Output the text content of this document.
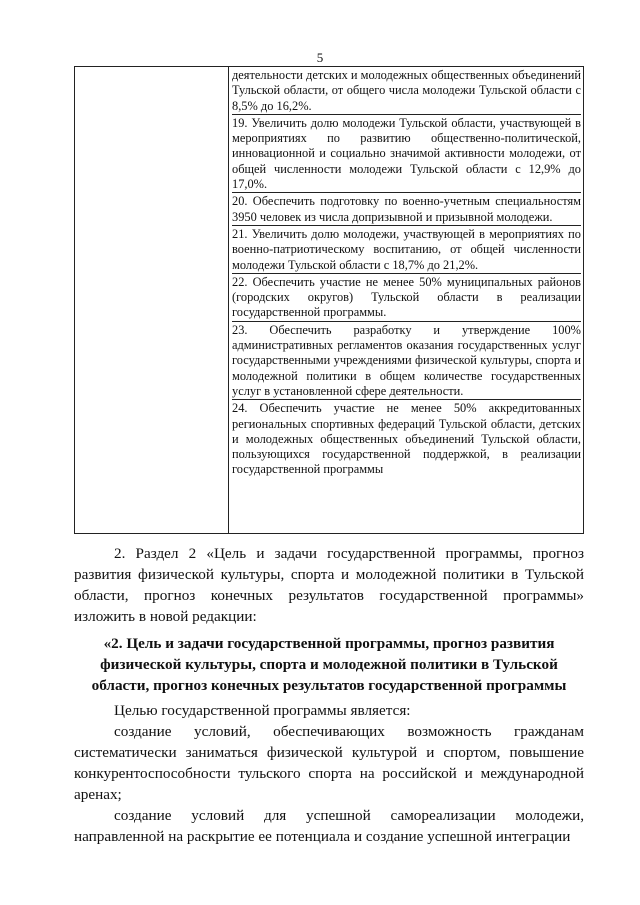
5

деятельности детских и молодежных общественных объединений Тульской области, от общего числа молодежи Тульской области с 8,5% до 16,2%.

19. Увеличить долю молодежи Тульской области, участвующей в мероприятиях по развитию общественно-политической, инновационной и социально значимой активности молодежи, от общей численности молодежи Тульской области с 12,9% до 17,0%.

20. Обеспечить подготовку по военно-учетным специальностям 3950 человек из числа допризывной и призывной молодежи.

21. Увеличить долю молодежи, участвующей в мероприятиях по военно-патриотическому воспитанию, от общей численности молодежи Тульской области с 18,7% до 21,2%.

22. Обеспечить участие не менее 50% муниципальных районов (городских округов) Тульской области в реализации государственной программы.

23. Обеспечить разработку и утверждение 100% административных регламентов оказания государственных услуг государственными учреждениями физической культуры, спорта и молодежной политики в общем количестве государственных услуг в установленной сфере деятельности.

24. Обеспечить участие не менее 50% аккредитованных региональных спортивных федераций Тульской области, детских и молодежных общественных объединений Тульской области, пользующихся государственной поддержкой, в реализации государственной программы

2. Раздел 2 «Цель и задачи государственной программы, прогноз развития физической культуры, спорта и молодежной политики в Тульской области, прогноз конечных результатов государственной программы» изложить в новой редакции:

«2. Цель и задачи государственной программы, прогноз развития физической культуры, спорта и молодежной политики в Тульской области, прогноз конечных результатов государственной программы

Целью государственной программы является:

создание условий, обеспечивающих возможность гражданам систематически заниматься физической культурой и спортом, повышение конкурентоспособности тульского спорта на российской и международной аренах;

создание условий для успешной самореализации молодежи, направленной на раскрытие ее потенциала и создание успешной интеграции
